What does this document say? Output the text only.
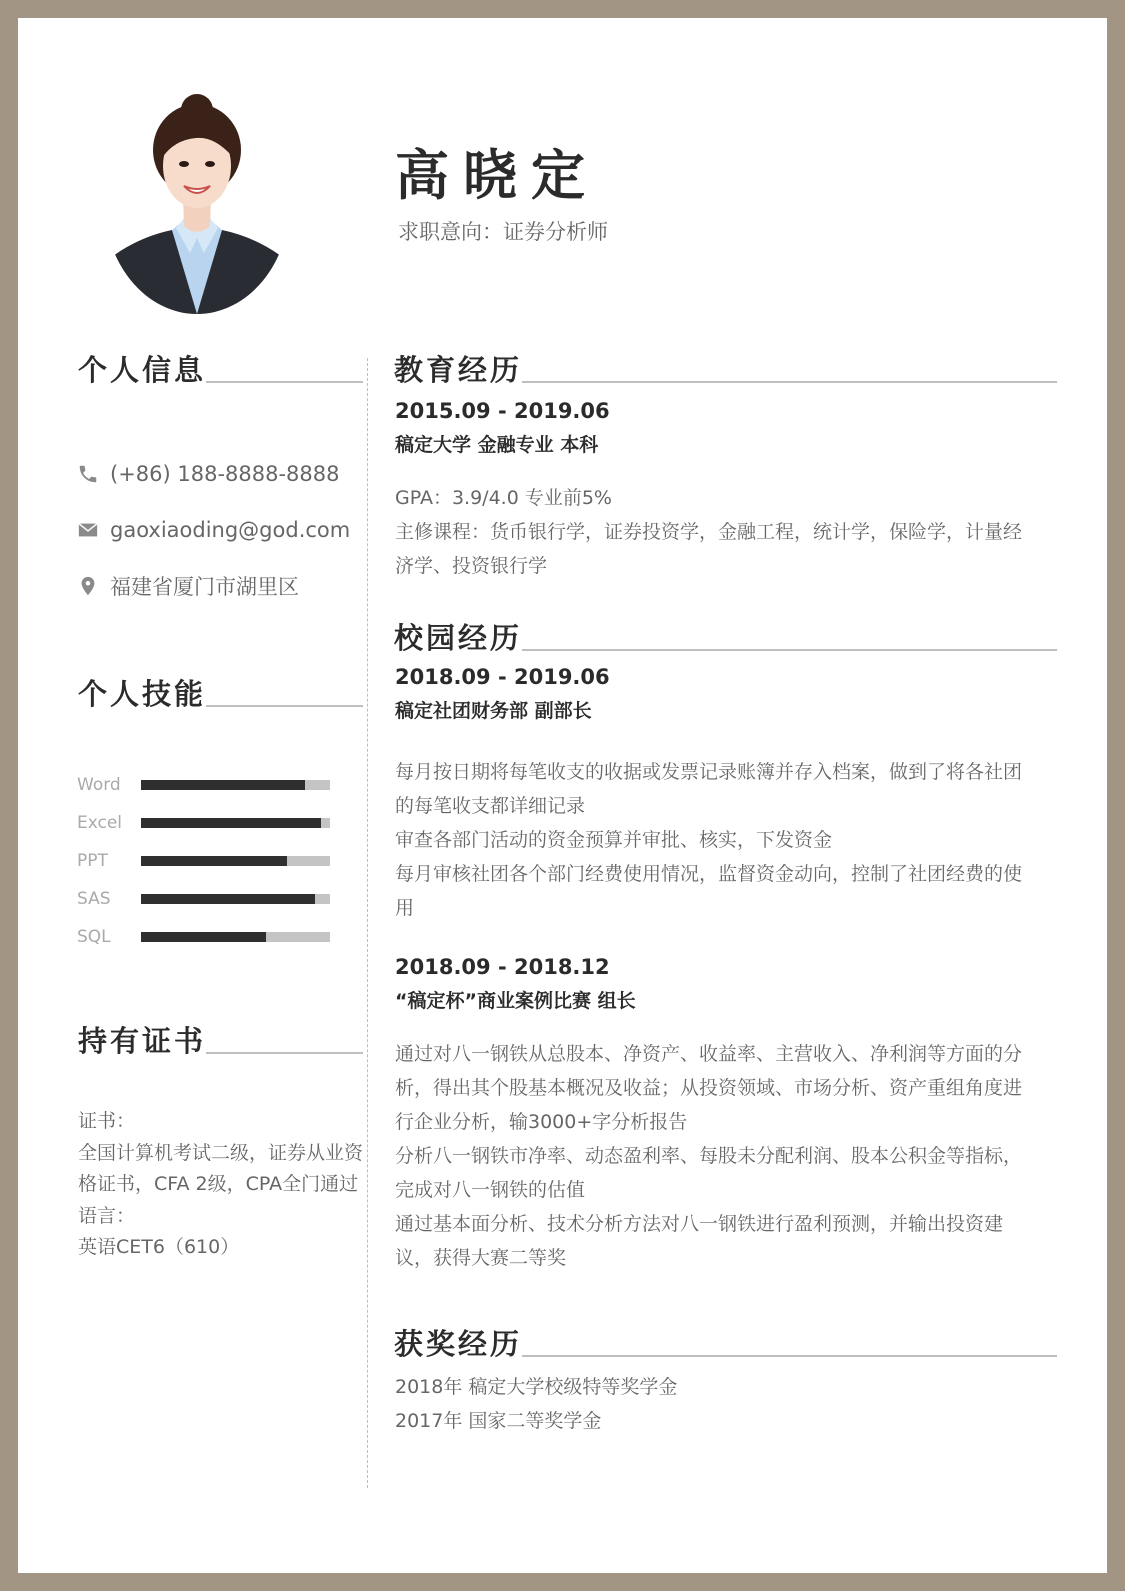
高晓定
求职意向：证券分析师
个人信息
(+86) 188-8888-8888
gaoxiaoding@god.com
福建省厦门市湖里区
个人技能
Word
Excel
PPT
SAS
SQL
持有证书

证书：

全国计算机考试二级，证券从业资格证书，CFA 2级，CPA全门通过

语言：

英语CET6（610）

教育经历
2015.09 - 2019.06
稿定大学 金融专业 本科

GPA：3.9/4.0 专业前5%

主修课程：货币银行学，证券投资学，金融工程，统计学，保险学，计量经济学、投资银行学

校园经历
2018.09 - 2019.06
稿定社团财务部 副部长

每月按日期将每笔收支的收据或发票记录账簿并存入档案，做到了将各社团的每笔收支都详细记录

审查各部门活动的资金预算并审批、核实，下发资金

每月审核社团各个部门经费使用情况，监督资金动向，控制了社团经费的使用

2018.09 - 2018.12
“稿定杯”商业案例比赛 组长

通过对八一钢铁从总股本、净资产、收益率、主营收入、净利润等方面的分析，得出其个股基本概况及收益；从投资领域、市场分析、资产重组角度进行企业分析，输3000+字分析报告

分析八一钢铁市净率、动态盈利率、每股未分配利润、股本公积金等指标，完成对八一钢铁的估值

通过基本面分析、技术分析方法对八一钢铁进行盈利预测，并输出投资建议，获得大赛二等奖

获奖经历

2018年 稿定大学校级特等奖学金

2017年 国家二等奖学金
